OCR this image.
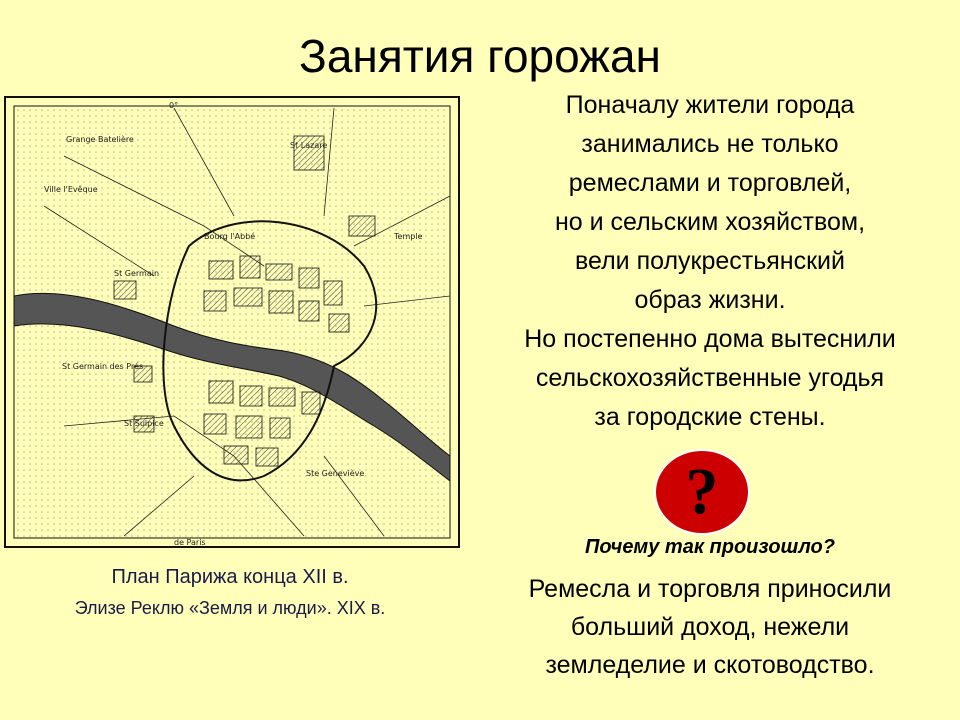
Занятия горожан
0°
Grange Batelière
St Lazare
Ville l'Evêque
Bourg l'Abbé	Temple
St Germain
St Germain des Prés
St Sulpice
Ste Geneviève
de Paris
План Парижа конца XII в.
Элизе Реклю «Земля и люди». XIX в.
Поначалу жители города
занимались не только
ремеслами и торговлей,
но и сельским хозяйством,
вели полукрестьянский
образ жизни.
Но постепенно дома вытеснили
сельскохозяйственные угодья
за городские стены.
?
Почему так произошло?
Ремесла и торговля приносили
больший доход, нежели
земледелие и скотоводство.
